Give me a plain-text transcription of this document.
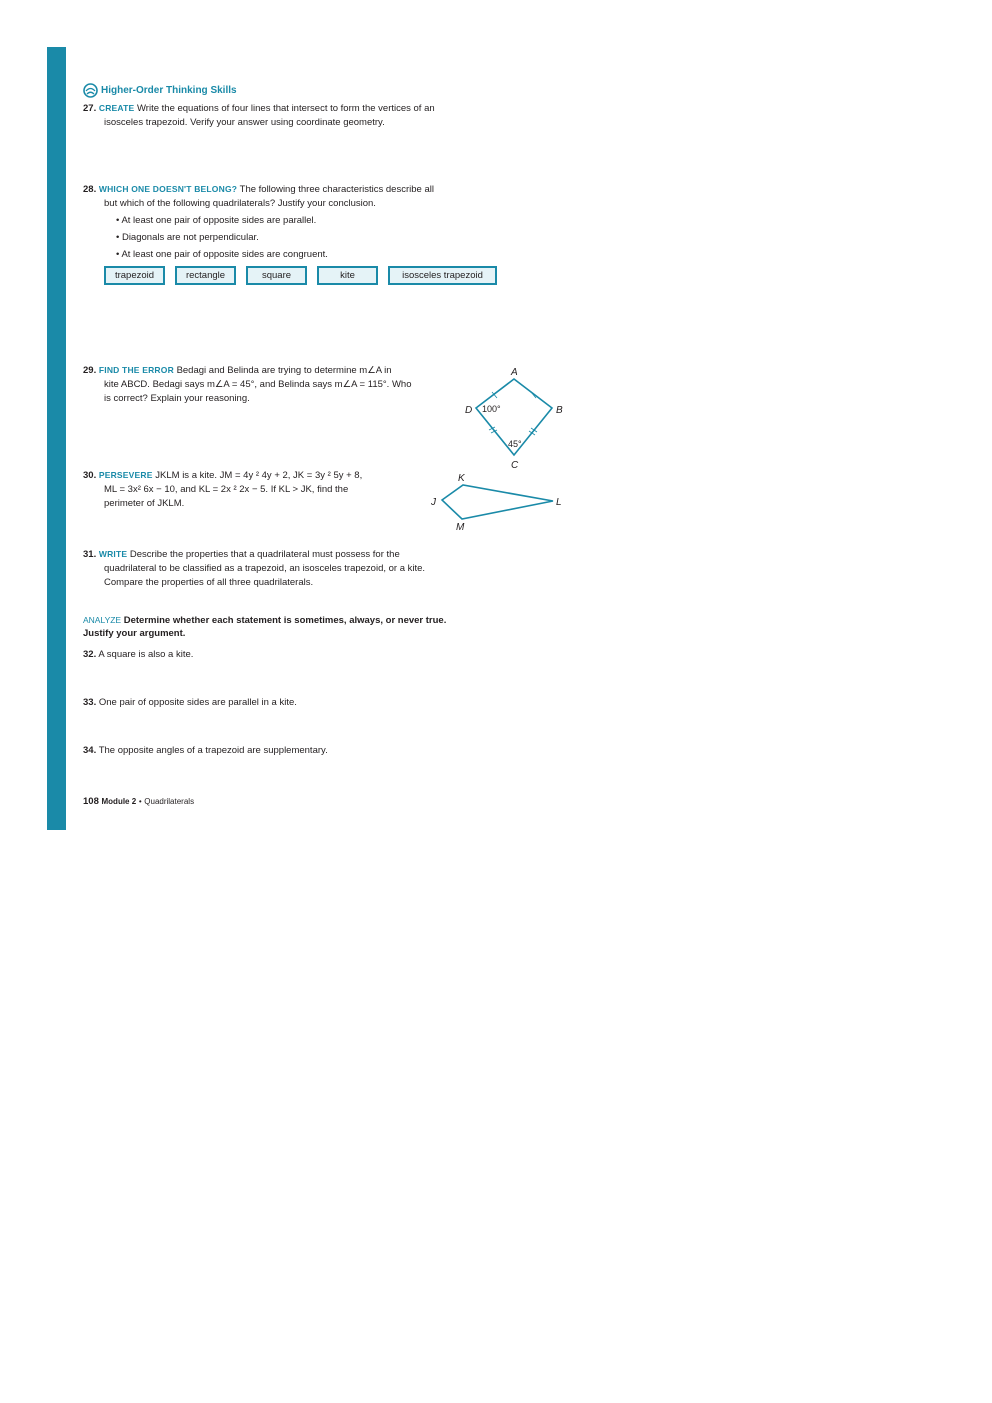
Higher-Order Thinking Skills
27. CREATE Write the equations of four lines that intersect to form the vertices of an
isosceles trapezoid. Verify your answer using coordinate geometry.
28. WHICH ONE DOESN'T BELONG? The following three characteristics describe all
but which of the following quadrilaterals? Justify your conclusion.
• At least one pair of opposite sides are parallel.
• Diagonals are not perpendicular.
• At least one pair of opposite sides are congruent.
trapezoid	rectangle	square	kite	isosceles trapezoid
29. FIND THE ERROR Bedagi and Belinda are trying to determine m∠A in
kite ABCD. Bedagi says m∠A = 45°, and Belinda says m∠A = 115°. Who
is correct? Explain your reasoning.
A
B
C
D 100°
45°
30. PERSEVERE JKLM is a kite. JM = 4y ² 4y + 2, JK = 3y ² 5y + 8,
ML = 3x² 6x − 10, and KL = 2x ² 2x − 5. If KL > JK, find the
perimeter of JKLM.
K
L
M
J
31. WRITE Describe the properties that a quadrilateral must possess for the
quadrilateral to be classified as a trapezoid, an isosceles trapezoid, or a kite.
Compare the properties of all three quadrilaterals.
ANALYZE Determine whether each statement is sometimes, always, or never true.
Justify your argument.
32. A square is also a kite.
33. One pair of opposite sides are parallel in a kite.
34. The opposite angles of a trapezoid are supplementary.
108 Module 2 • Quadrilaterals
